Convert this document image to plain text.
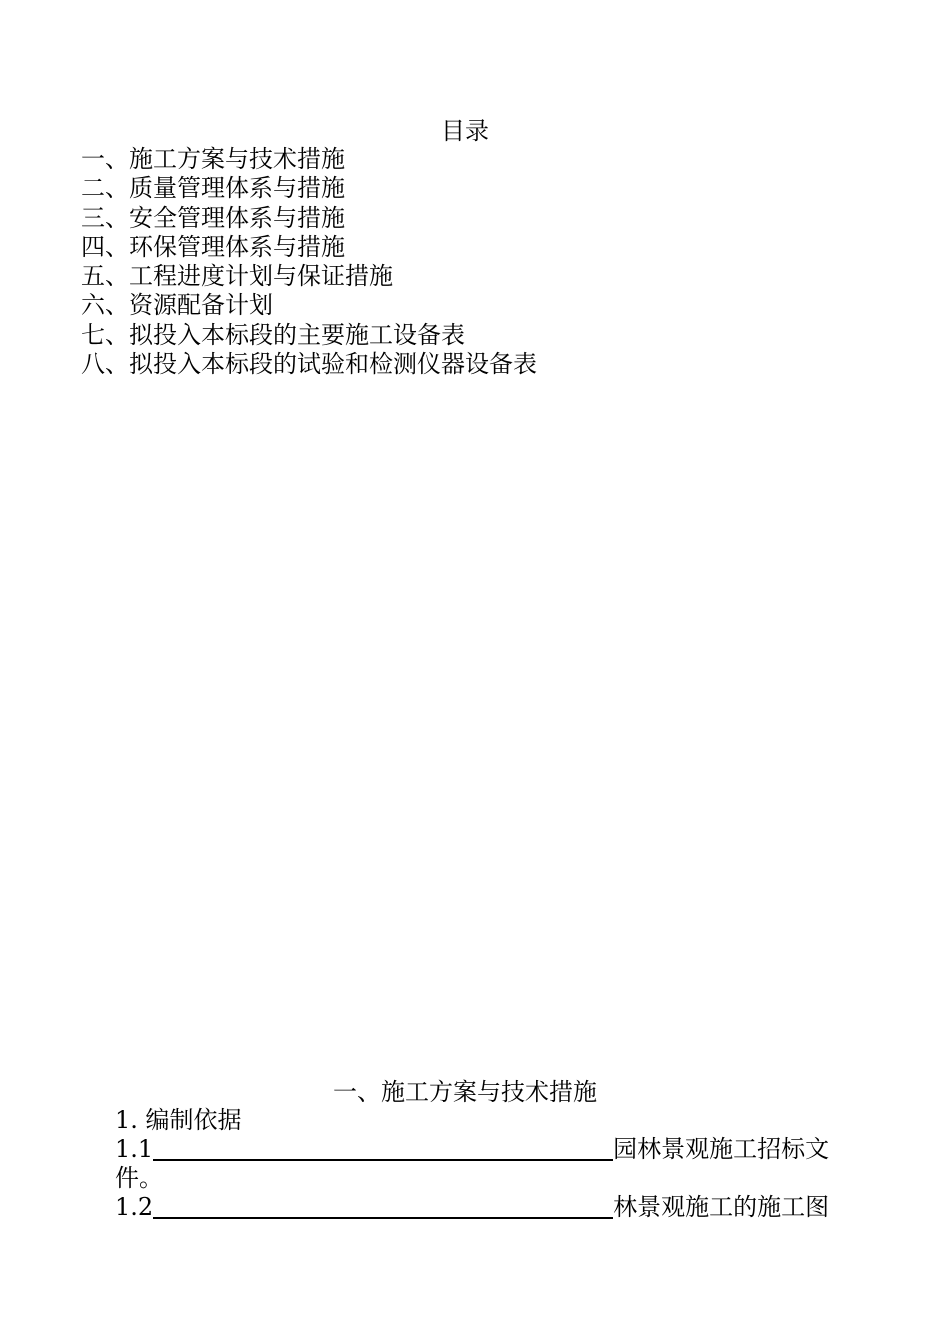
目录
一、施工方案与技术措施
二、质量管理体系与措施
三、安全管理体系与措施
四、环保管理体系与措施
五、工程进度计划与保证措施
六、资源配备计划
七、拟投入本标段的主要施工设备表
八、拟投入本标段的试验和检测仪器设备表
一、施工方案与技术措施
1. 编制依据
1.1	园林景观施工招标文
件。
1.2	林景观施工的施工图
